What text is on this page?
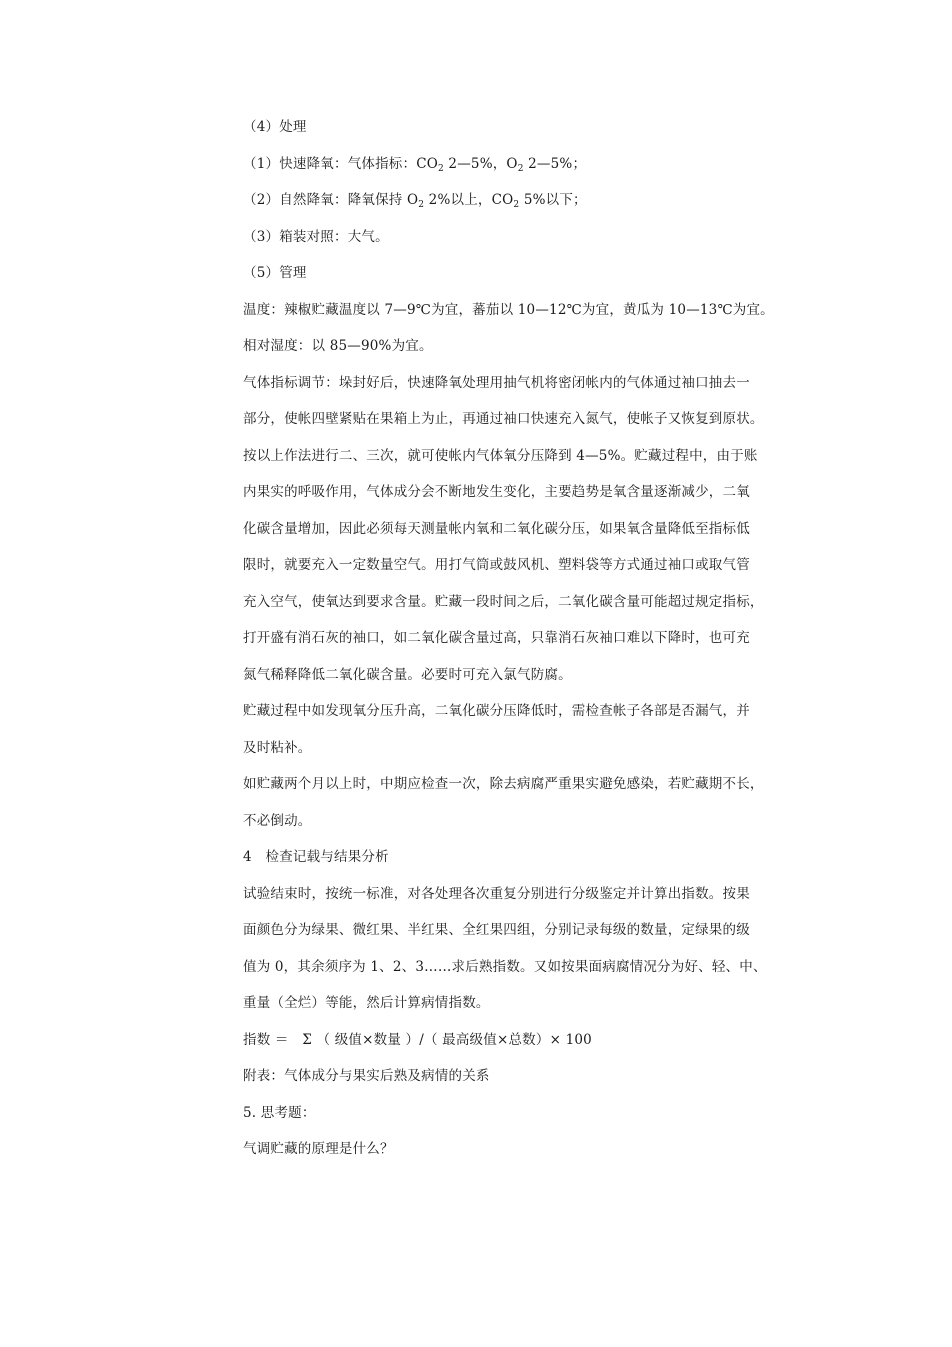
（4）处理

（1）快速降氧：气体指标：$CO_2$ 2—5%，$O_2$ 2—5%；

（2）自然降氧：降氧保持 $O_2$ 2%以上，$CO_2$ 5%以下；

（3）箱装对照：大气。

（5）管理

温度：辣椒贮藏温度以 7—9℃为宜，蕃茄以 10—12℃为宜，黄瓜为 10—13℃为宜。

相对湿度：以 85—90%为宜。

气体指标调节：垛封好后，快速降氧处理用抽气机将密闭帐内的气体通过袖口抽去一

部分，使帐四壁紧贴在果箱上为止，再通过袖口快速充入氮气，使帐子又恢复到原状。

按以上作法进行二、三次，就可使帐内气体氧分压降到 4—5%。贮藏过程中，由于账

内果实的呼吸作用，气体成分会不断地发生变化，主要趋势是氧含量逐渐减少，二氧

化碳含量增加，因此必须每天测量帐内氧和二氧化碳分压，如果氧含量降低至指标低

限时，就要充入一定数量空气。用打气筒或鼓风机、塑料袋等方式通过袖口或取气管

充入空气，使氧达到要求含量。贮藏一段时间之后，二氧化碳含量可能超过规定指标，

打开盛有消石灰的袖口，如二氧化碳含量过高，只靠消石灰袖口难以下降时，也可充

氮气稀释降低二氧化碳含量。必要时可充入氯气防腐。

贮藏过程中如发现氧分压升高，二氧化碳分压降低时，需检查帐子各部是否漏气，并

及时粘补。

如贮藏两个月以上时，中期应检查一次，除去病腐严重果实避免感染，若贮藏期不长，

不必倒动。

4　检查记载与结果分析

试验结束时，按统一标准，对各处理各次重复分别进行分级鉴定并计算出指数。按果

面颜色分为绿果、微红果、半红果、全红果四组，分别记录每级的数量，定绿果的级

值为 0，其余须序为 1、2、3……求后熟指数。又如按果面病腐情况分为好、轻、中、

重量（全烂）等能，然后计算病情指数。

指数 ＝　Σ （ 级值×数量 ）/（ 最高级值×总数）× 100

附表：气体成分与果实后熟及病情的关系

5. 思考题：

气调贮藏的原理是什么？
